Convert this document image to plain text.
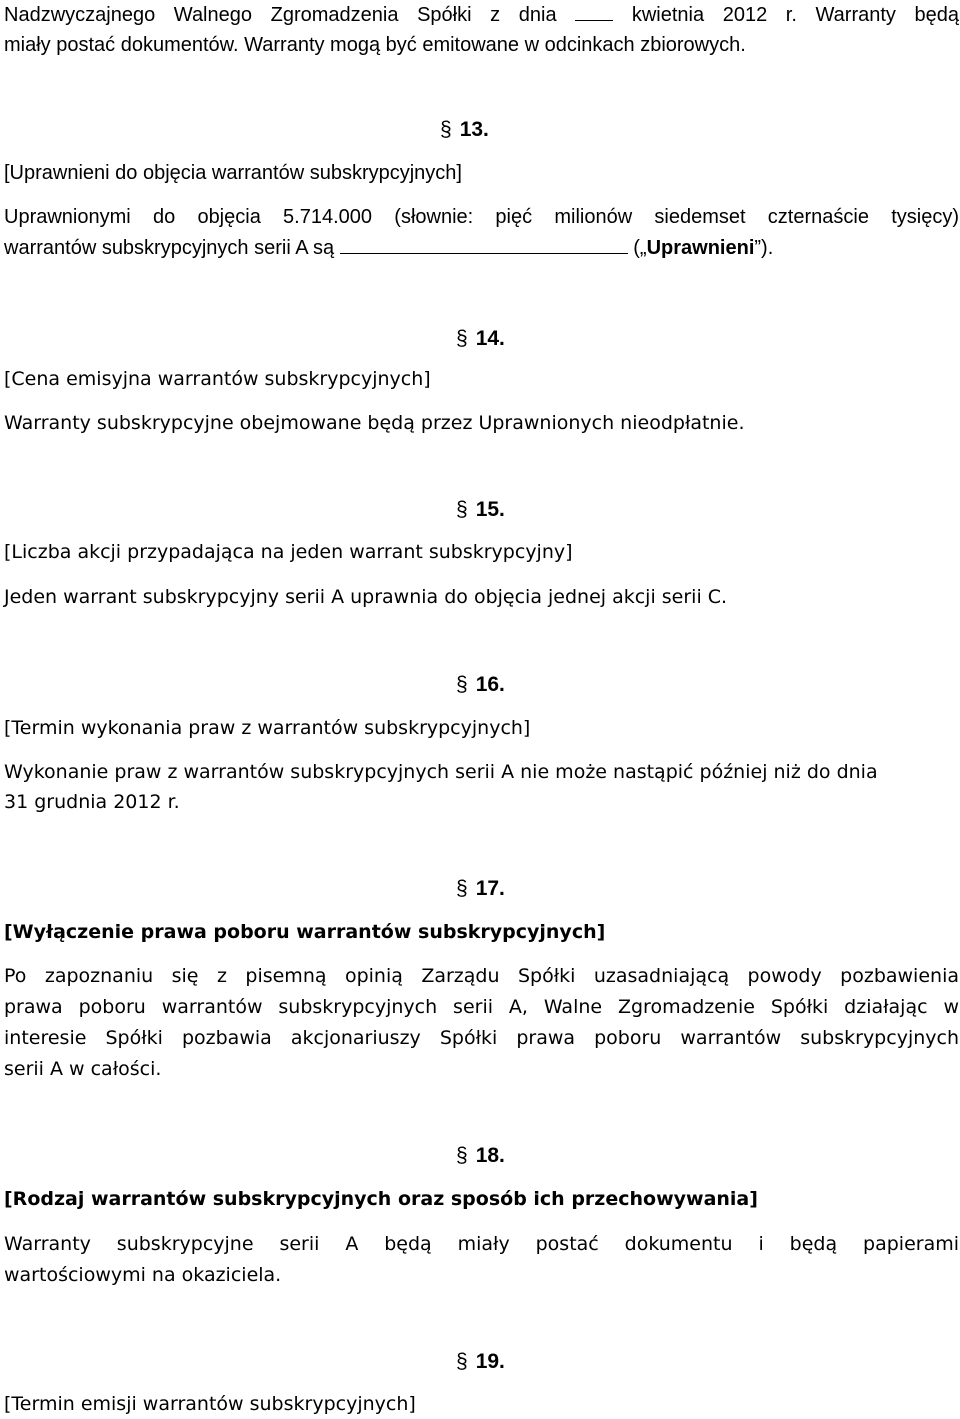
Nadzwyczajnego Walnego Zgromadzenia Spółki z dnia	kwietnia 2012 r. Warranty będą
miały postać dokumentów. Warranty mogą być emitowane w odcinkach zbiorowych.
§ 13.
[Uprawnieni do objęcia warrantów subskrypcyjnych]
Uprawnionymi do objęcia 5.714.000 (słownie: pięć milionów siedemset czternaście tysięcy)
warrantów subskrypcyjnych serii A są	(„Uprawnieni”).
§ 14.
[Cena emisyjna warrantów subskrypcyjnych]
Warranty subskrypcyjne obejmowane będą przez Uprawnionych nieodpłatnie.
§ 15.
[Liczba akcji przypadająca na jeden warrant subskrypcyjny]
Jeden warrant subskrypcyjny serii A uprawnia do objęcia jednej akcji serii C.
§ 16.
[Termin wykonania praw z warrantów subskrypcyjnych]
Wykonanie praw z warrantów subskrypcyjnych serii A nie może nastąpić później niż do dnia
31 grudnia 2012 r.
§ 17.
[Wyłączenie prawa poboru warrantów subskrypcyjnych]
Po zapoznaniu się z pisemną opinią Zarządu Spółki uzasadniającą powody pozbawienia
prawa poboru warrantów subskrypcyjnych serii A, Walne Zgromadzenie Spółki działając w
interesie Spółki pozbawia akcjonariuszy Spółki prawa poboru warrantów subskrypcyjnych
serii A w całości.
§ 18.
[Rodzaj warrantów subskrypcyjnych oraz sposób ich przechowywania]
Warranty subskrypcyjne serii A będą miały postać dokumentu i będą papierami
wartościowymi na okaziciela.
§ 19.
[Termin emisji warrantów subskrypcyjnych]
